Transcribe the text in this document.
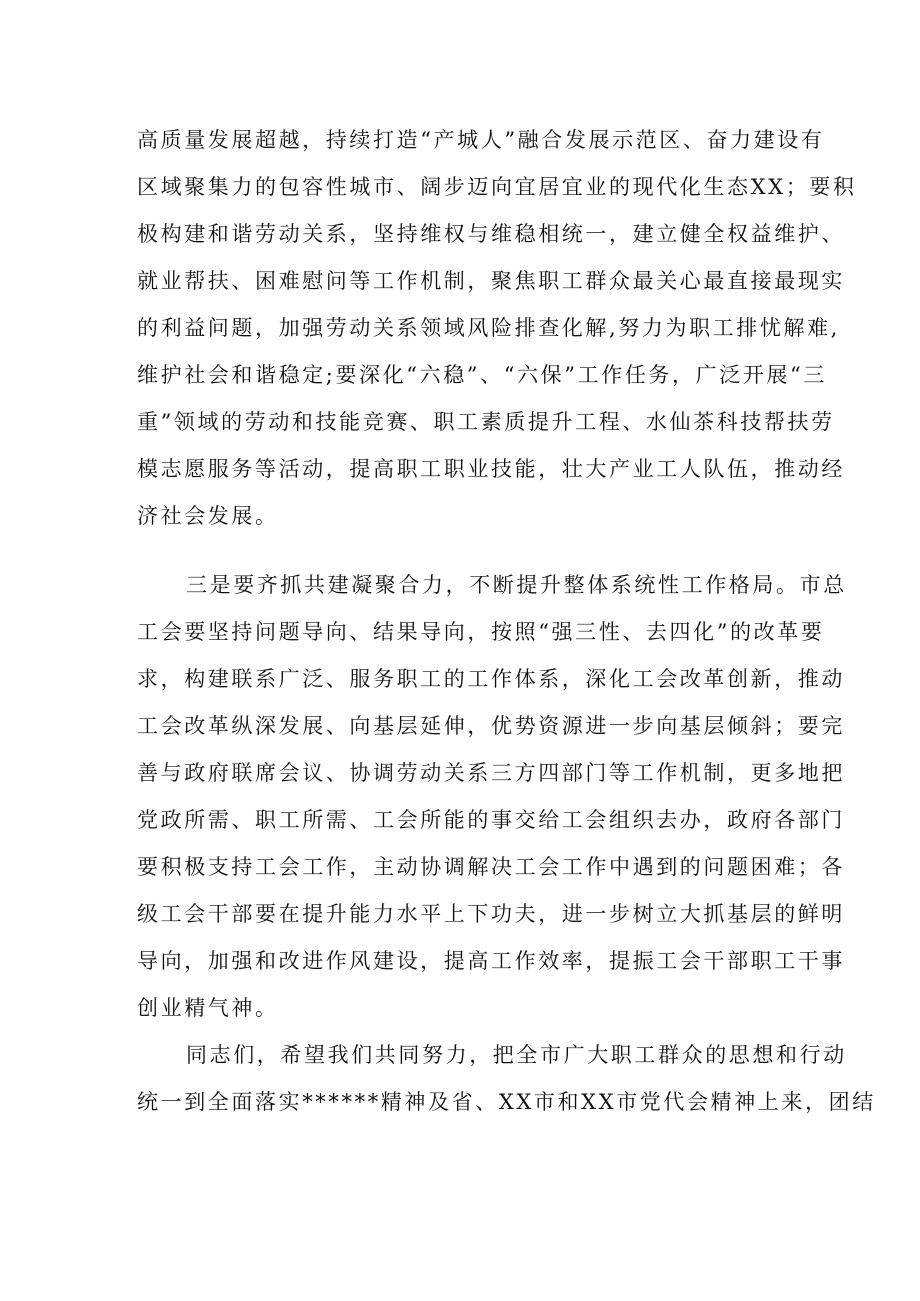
高质量发展超越，持续打造“产城人”融合发展示范区、奋力建设有

区域聚集力的包容性城市、阔步迈向宜居宜业的现代化生态XX；要积

极构建和谐劳动关系，坚持维权与维稳相统一，建立健全权益维护、

就业帮扶、困难慰问等工作机制，聚焦职工群众最关心最直接最现实

的利益问题，加强劳动关系领域风险排查化解,努力为职工排忧解难,

维护社会和谐稳定;要深化“六稳”、“六保”工作任务，广泛开展“三

重”领域的劳动和技能竞赛、职工素质提升工程、水仙茶科技帮扶劳

模志愿服务等活动，提高职工职业技能，壮大产业工人队伍，推动经

济社会发展。

三是要齐抓共建凝聚合力，不断提升整体系统性工作格局。市总

工会要坚持问题导向、结果导向，按照“强三性、去四化”的改革要

求，构建联系广泛、服务职工的工作体系，深化工会改革创新，推动

工会改革纵深发展、向基层延伸，优势资源进一步向基层倾斜；要完

善与政府联席会议、协调劳动关系三方四部门等工作机制，更多地把

党政所需、职工所需、工会所能的事交给工会组织去办，政府各部门

要积极支持工会工作，主动协调解决工会工作中遇到的问题困难；各

级工会干部要在提升能力水平上下功夫，进一步树立大抓基层的鲜明

导向，加强和改进作风建设，提高工作效率，提振工会干部职工干事

创业精气神。

同志们，希望我们共同努力，把全市广大职工群众的思想和行动

统一到全面落实******精神及省、XX市和XX市党代会精神上来，团结
